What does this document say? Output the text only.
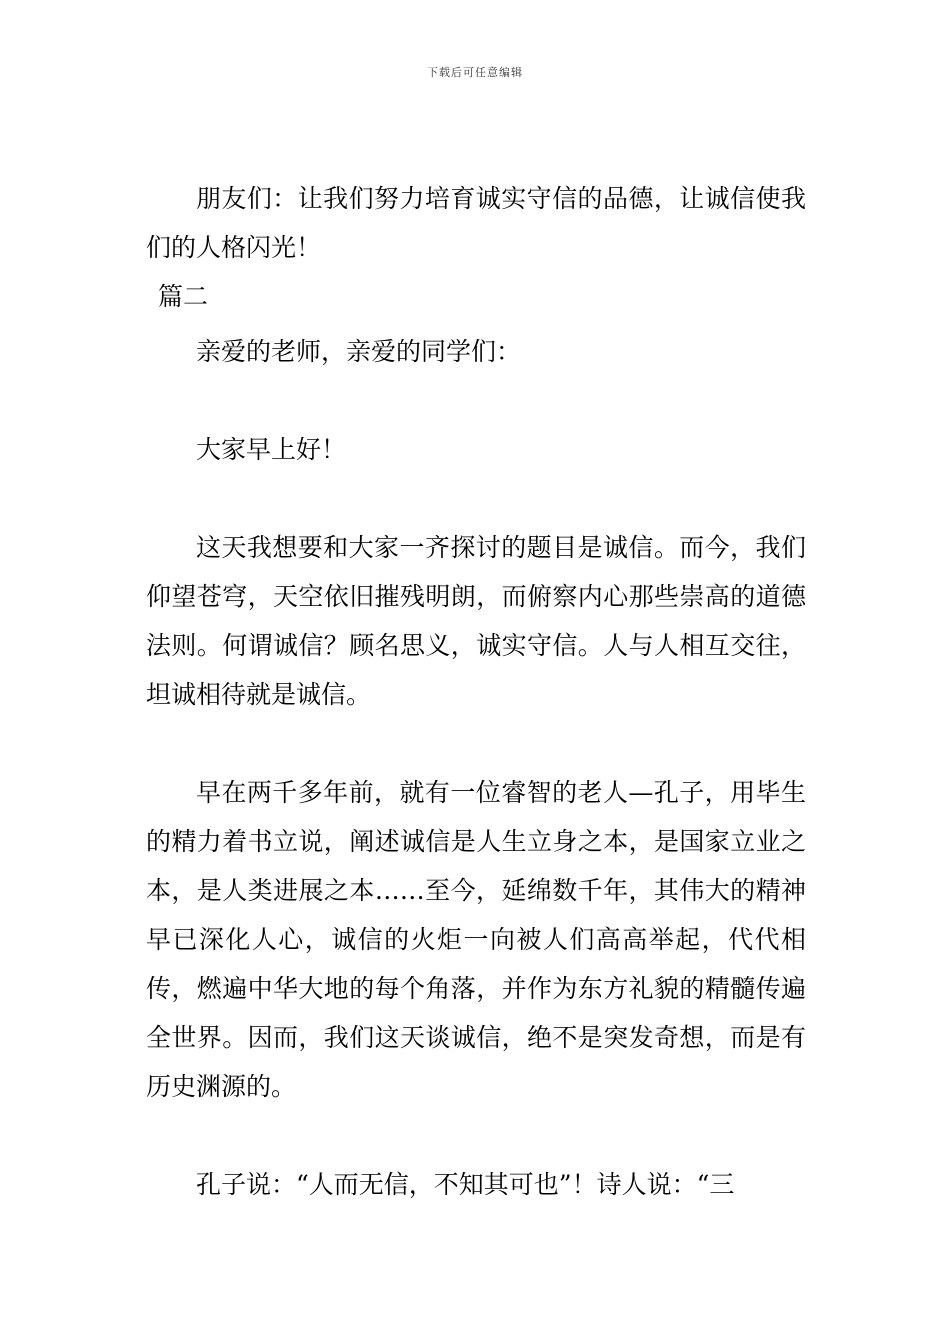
下载后可任意编辑

朋友们：让我们努力培育诚实守信的品德，让诚信使我们的人格闪光！

篇二

亲爱的老师，亲爱的同学们：

大家早上好！

这天我想要和大家一齐探讨的题目是诚信。而今，我们仰望苍穹，天空依旧摧残明朗，而俯察内心那些崇高的道德法则。何谓诚信？顾名思义，诚实守信。人与人相互交往，坦诚相待就是诚信。

早在两千多年前，就有一位睿智的老人—孔子，用毕生的精力着书立说，阐述诚信是人生立身之本，是国家立业之本，是人类进展之本……至今，延绵数千年，其伟大的精神早已深化人心，诚信的火炬一向被人们高高举起，代代相传，燃遍中华大地的每个角落，并作为东方礼貌的精髓传遍全世界。因而，我们这天谈诚信，绝不是突发奇想，而是有历史渊源的。

孔子说：“人而无信，不知其可也”！诗人说：“三
